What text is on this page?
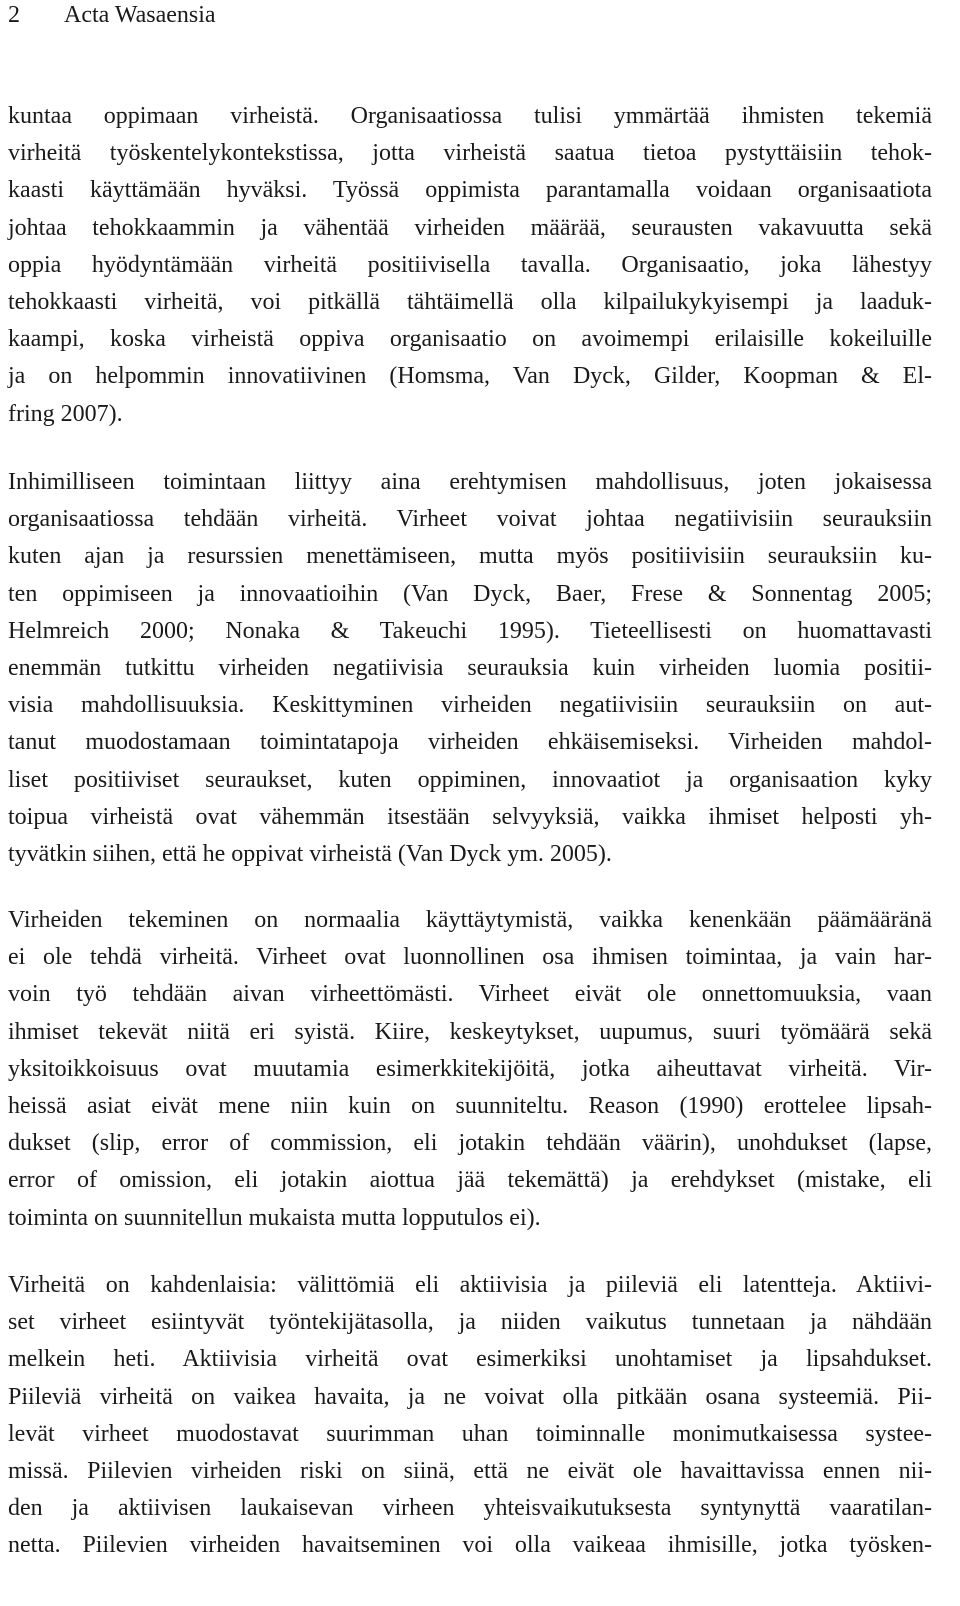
2 Acta Wasaensia
kuntaa oppimaan virheistä. Organisaatiossa tulisi ymmärtää ihmisten tekemiä
virheitä työskentelykontekstissa, jotta virheistä saatua tietoa pystyttäisiin tehok-
kaasti käyttämään hyväksi. Työssä oppimista parantamalla voidaan organisaatiota
johtaa tehokkaammin ja vähentää virheiden määrää, seurausten vakavuutta sekä
oppia hyödyntämään virheitä positiivisella tavalla. Organisaatio, joka lähestyy
tehokkaasti virheitä, voi pitkällä tähtäimellä olla kilpailukykyisempi ja laaduk-
kaampi, koska virheistä oppiva organisaatio on avoimempi erilaisille kokeiluille
ja on helpommin innovatiivinen (Homsma, Van Dyck, Gilder, Koopman & El-
fring 2007).
Inhimilliseen toimintaan liittyy aina erehtymisen mahdollisuus, joten jokaisessa
organisaatiossa tehdään virheitä. Virheet voivat johtaa negatiivisiin seurauksiin
kuten ajan ja resurssien menettämiseen, mutta myös positiivisiin seurauksiin ku-
ten oppimiseen ja innovaatioihin (Van Dyck, Baer, Frese & Sonnentag 2005;
Helmreich 2000; Nonaka & Takeuchi 1995). Tieteellisesti on huomattavasti
enemmän tutkittu virheiden negatiivisia seurauksia kuin virheiden luomia positii-
visia mahdollisuuksia. Keskittyminen virheiden negatiivisiin seurauksiin on aut-
tanut muodostamaan toimintatapoja virheiden ehkäisemiseksi. Virheiden mahdol-
liset positiiviset seuraukset, kuten oppiminen, innovaatiot ja organisaation kyky
toipua virheistä ovat vähemmän itsestään selvyyksiä, vaikka ihmiset helposti yh-
tyvätkin siihen, että he oppivat virheistä (Van Dyck ym. 2005).
Virheiden tekeminen on normaalia käyttäytymistä, vaikka kenenkään päämääränä
ei ole tehdä virheitä. Virheet ovat luonnollinen osa ihmisen toimintaa, ja vain har-
voin työ tehdään aivan virheettömästi. Virheet eivät ole onnettomuuksia, vaan
ihmiset tekevät niitä eri syistä. Kiire, keskeytykset, uupumus, suuri työmäärä sekä
yksitoikkoisuus ovat muutamia esimerkkitekijöitä, jotka aiheuttavat virheitä. Vir-
heissä asiat eivät mene niin kuin on suunniteltu. Reason (1990) erottelee lipsah-
dukset (slip, error of commission, eli jotakin tehdään väärin), unohdukset (lapse,
error of omission, eli jotakin aiottua jää tekemättä) ja erehdykset (mistake, eli
toiminta on suunnitellun mukaista mutta lopputulos ei).
Virheitä on kahdenlaisia: välittömiä eli aktiivisia ja piileviä eli latentteja. Aktiivi-
set virheet esiintyvät työntekijätasolla, ja niiden vaikutus tunnetaan ja nähdään
melkein heti. Aktiivisia virheitä ovat esimerkiksi unohtamiset ja lipsahdukset.
Piileviä virheitä on vaikea havaita, ja ne voivat olla pitkään osana systeemiä. Pii-
levät virheet muodostavat suurimman uhan toiminnalle monimutkaisessa systee-
missä. Piilevien virheiden riski on siinä, että ne eivät ole havaittavissa ennen nii-
den ja aktiivisen laukaisevan virheen yhteisvaikutuksesta syntynyttä vaaratilan-
netta. Piilevien virheiden havaitseminen voi olla vaikeaa ihmisille, jotka työsken-
